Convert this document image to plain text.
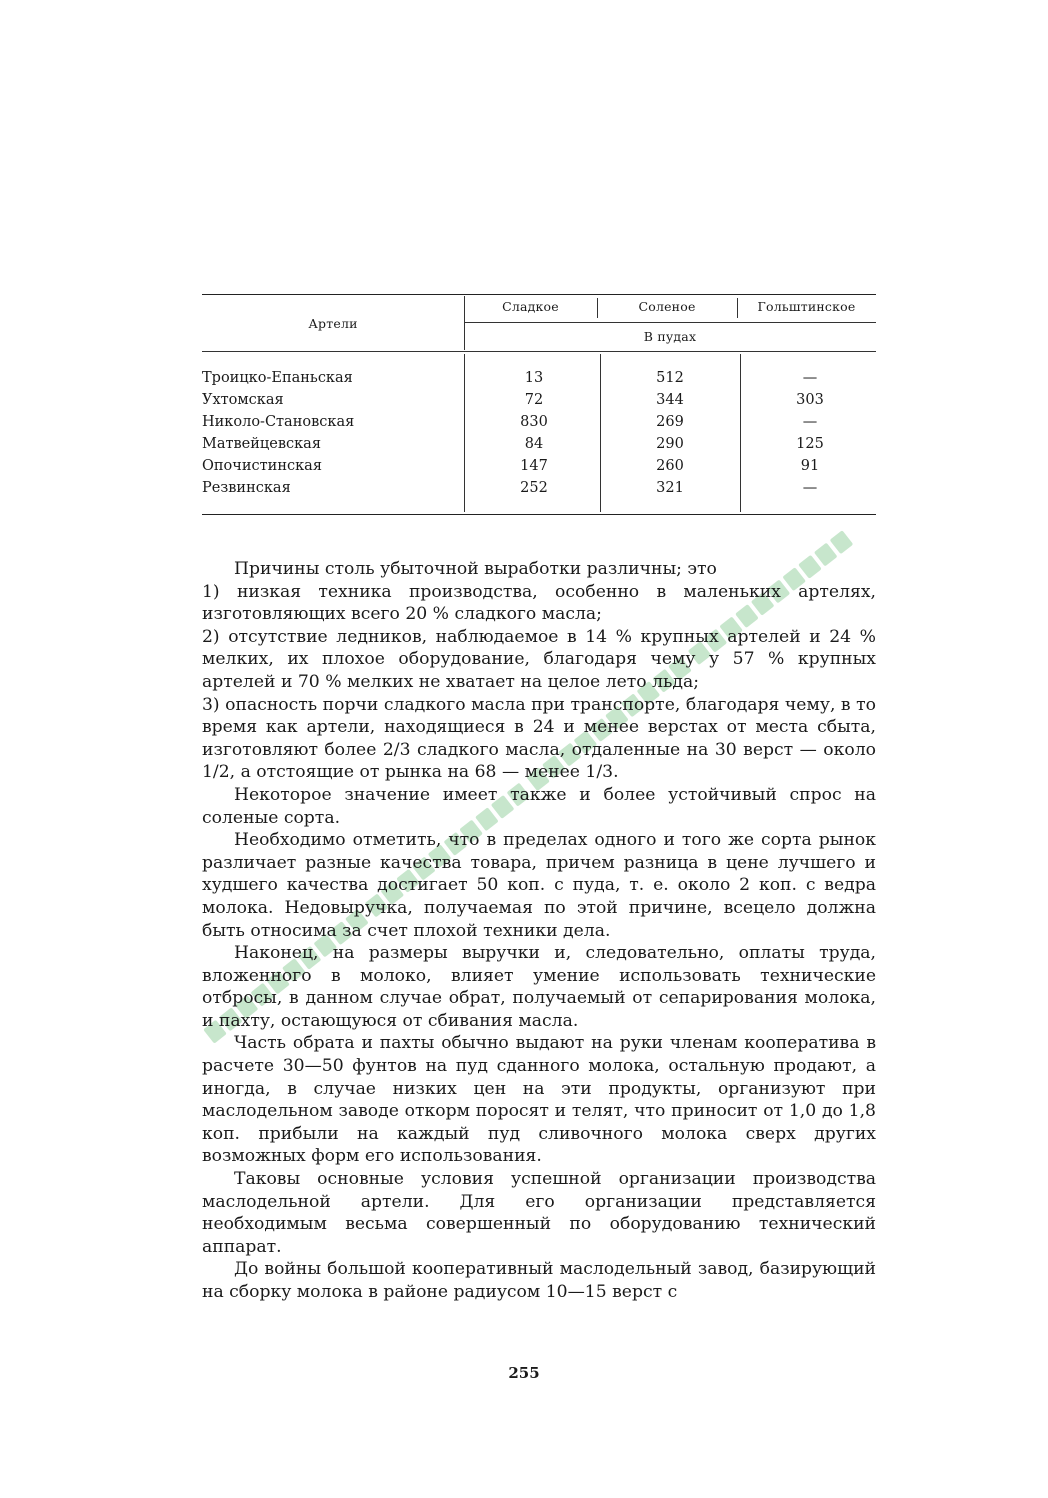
Артели
Сладкое	Соленое	Гольштинское
В пудах
Троицко-Епаньская	13	512	—
Ухтомская	72	344	303
Николо-Становская	830	269	—
Матвейцевская	84	290	125
Опочистинская	147	260	91
Резвинская	252	321	—

Причины столь убыточной выработки различны; это

1) низкая техника производства, особенно в маленьких артелях, изготовляющих всего 20 % сладкого масла;

2) отсутствие ледников, наблюдаемое в 14 % крупных артелей и 24 % мелких, их плохое оборудование, благодаря чему у 57 % крупных артелей и 70 % мелких не хватает на целое лето льда;

3) опасность порчи сладкого масла при транспорте, благодаря чему, в то время как артели, находящиеся в 24 и менее верстах от места сбыта, изготовляют более 2/3 сладкого масла, отдаленные на 30 верст — около 1/2, а отстоящие от рынка на 68 — менее 1/3.

Некоторое значение имеет также и более устойчивый спрос на соленые сорта.

Необходимо отметить, что в пределах одного и того же сорта рынок различает разные качества товара, причем разница в цене лучшего и худшего качества достигает 50 коп. с пуда, т. е. около 2 коп. с ведра молока. Недовыручка, получаемая по этой причине, всецело должна быть относима за счет плохой техники дела.

Наконец, на размеры выручки и, следовательно, оплаты труда, вложенного в молоко, влияет умение использовать технические отбросы, в данном случае обрат, получаемый от сепарирования молока, и пахту, остающуюся от сбивания масла.

Часть обрата и пахты обычно выдают на руки членам кооператива в расчете 30—50 фунтов на пуд сданного молока, остальную продают, а иногда, в случае низких цен на эти продукты, организуют при маслодельном заводе откорм поросят и телят, что приносит от 1,0 до 1,8 коп. прибыли на каждый пуд сливочного молока сверх других возможных форм его использования.

Таковы основные условия успешной организации производства маслодельной артели. Для его организации представляется необходимым весьма совершенный по оборудованию технический аппарат.

До войны большой кооперативный маслодельный завод, базирующий на сборку молока в районе радиусом 10—15 верст с

255
